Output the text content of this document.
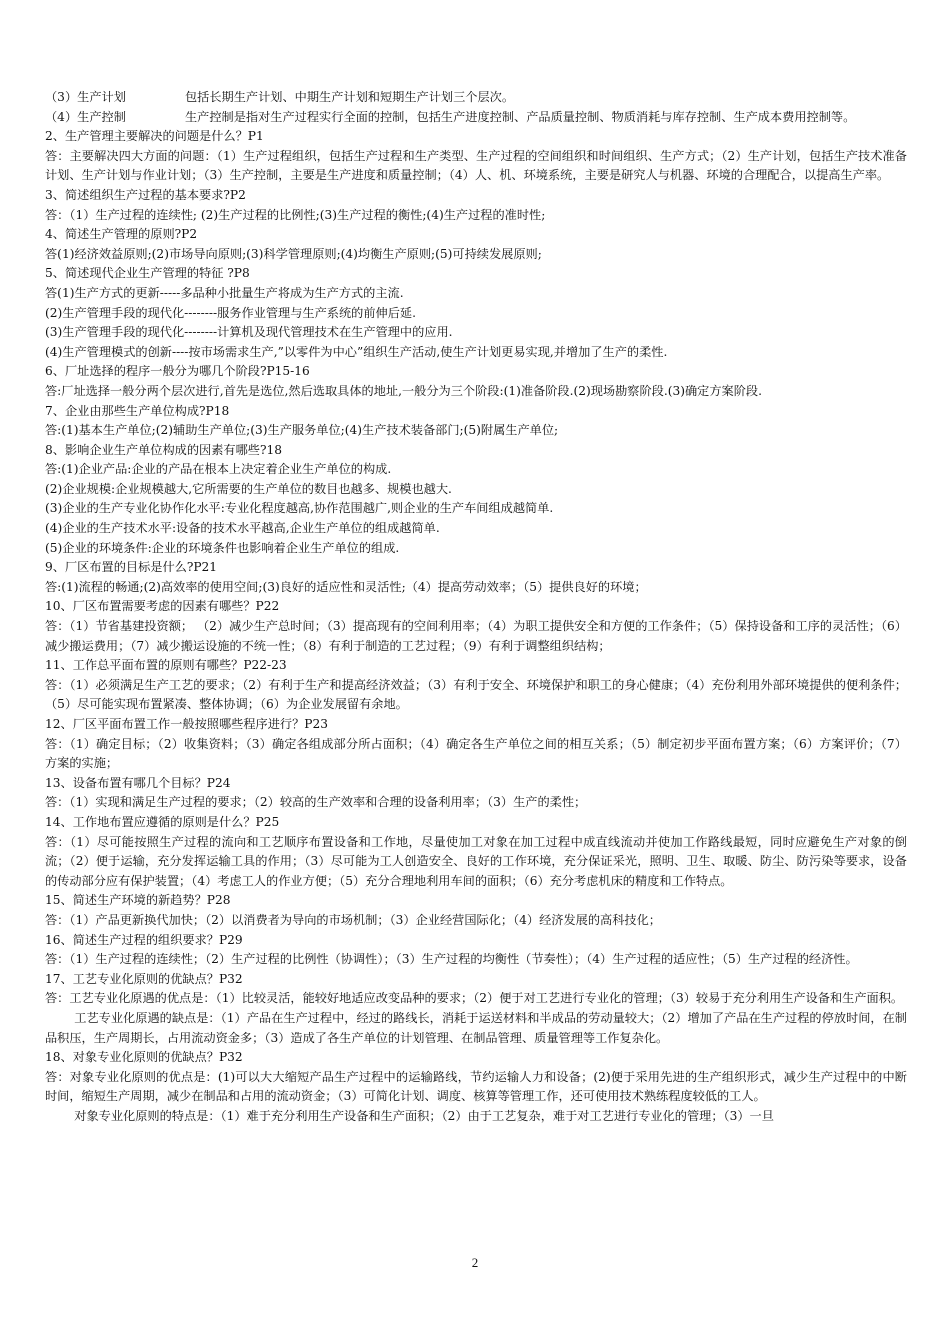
（3）生产计划	包括长期生产计划、中期生产计划和短期生产计划三个层次。
（4）生产控制	生产控制是指对生产过程实行全面的控制，包括生产进度控制、产品质量控制、物质消耗与库存控制、生产成本费用控制等。
2、生产管理主要解决的问题是什么？P1
答：主要解决四大方面的问题：（1）生产过程组织，包括生产过程和生产类型、生产过程的空间组织和时间组织、生产方式；（2）生产计划，包括生产技术准备计划、生产计划与作业计划；（3）生产控制，主要是生产进度和质量控制；（4）人、机、环境系统，主要是研究人与机器、环境的合理配合，以提高生产率。
3、简述组织生产过程的基本要求?P2
答：（1）生产过程的连续性; (2)生产过程的比例性;(3)生产过程的衡性;(4)生产过程的准时性;
4、简述生产管理的原则?P2
答(1)经济效益原则;(2)市场导向原则;(3)科学管理原则;(4)均衡生产原则;(5)可持续发展原则;
5、简述现代企业生产管理的特征 ?P8
答(1)生产方式的更新-----多品种小批量生产将成为生产方式的主流.
(2)生产管理手段的现代化--------服务作业管理与生产系统的前伸后延.
(3)生产管理手段的现代化--------计算机及现代管理技术在生产管理中的应用.
(4)生产管理模式的创新----按市场需求生产,”以零件为中心”组织生产活动,使生产计划更易实现,并增加了生产的柔性.
6、厂址选择的程序一般分为哪几个阶段?P15-16
答:厂址选择一般分两个层次进行,首先是选位,然后选取具体的地址,一般分为三个阶段:(1)准备阶段.(2)现场勘察阶段.(3)确定方案阶段.
7、企业由那些生产单位构成?P18
答:(1)基本生产单位;(2)辅助生产单位;(3)生产服务单位;(4)生产技术装备部门;(5)附属生产单位;
8、影响企业生产单位构成的因素有哪些?18
答:(1)企业产品:企业的产品在根本上决定着企业生产单位的构成.
(2)企业规模:企业规模越大,它所需要的生产单位的数目也越多、规模也越大.
(3)企业的生产专业化协作化水平:专业化程度越高,协作范围越广,则企业的生产车间组成越简单.
(4)企业的生产技术水平:设备的技术水平越高,企业生产单位的组成越简单.
(5)企业的环境条件:企业的环境条件也影响着企业生产单位的组成.
9、厂区布置的目标是什么?P21
答:(1)流程的畅通;(2)高效率的使用空间;(3)良好的适应性和灵活性;（4）提高劳动效率；（5）提供良好的环境；
10、厂区布置需要考虑的因素有哪些？P22
答：（1）节省基建投资额； （2）减少生产总时间；（3）提高现有的空间利用率；（4）为职工提供安全和方便的工作条件；（5）保持设备和工序的灵活性；（6）减少搬运费用；（7）减少搬运设施的不统一性；（8）有利于制造的工艺过程；（9）有利于调整组织结构；
11、工作总平面布置的原则有哪些？P22-23
答：（1）必须满足生产工艺的要求；（2）有利于生产和提高经济效益；（3）有利于安全、环境保护和职工的身心健康；（4）充份利用外部环境提供的便利条件；（5）尽可能实现布置紧凑、整体协调；（6）为企业发展留有余地。
12、厂区平面布置工作一般按照哪些程序进行？P23
答：（1）确定目标；（2）收集资料；（3）确定各组成部分所占面积；（4）确定各生产单位之间的相互关系；（5）制定初步平面布置方案；（6）方案评价；（7）方案的实施；
13、设备布置有哪几个目标？P24
答：（1）实现和满足生产过程的要求；（2）较高的生产效率和合理的设备利用率；（3）生产的柔性；
14、工作地布置应遵循的原则是什么？P25
答：（1）尽可能按照生产过程的流向和工艺顺序布置设备和工作地，尽量使加工对象在加工过程中成直线流动并使加工作路线最短，同时应避免生产对象的倒流；（2）便于运输，充分发挥运输工具的作用；（3）尽可能为工人创造安全、良好的工作环境，充分保证采光，照明、卫生、取暖、防尘、防污染等要求，设备的传动部分应有保护装置；（4）考虑工人的作业方便；（5）充分合理地利用车间的面积；（6）充分考虑机床的精度和工作特点。
15、简述生产环境的新趋势？P28
答：（1）产品更新换代加快；（2）以消费者为导向的市场机制；（3）企业经营国际化；（4）经济发展的高科技化；
16、简述生产过程的组织要求？P29
答：（1）生产过程的连续性；（2）生产过程的比例性（协调性）；（3）生产过程的均衡性（节奏性）；（4）生产过程的适应性；（5）生产过程的经济性。
17、工艺专业化原则的优缺点？P32
答：工艺专业化原遇的优点是：（1）比较灵活，能较好地适应改变品种的要求；（2）便于对工艺进行专业化的管理；（3）较易于充分利用生产设备和生产面积。
工艺专业化原遇的缺点是：（1）产品在生产过程中，经过的路线长，消耗于运送材料和半成品的劳动量较大；（2）增加了产品在生产过程的停放时间，在制品积压，生产周期长，占用流动资金多；（3）造成了各生产单位的计划管理、在制品管理、质量管理等工作复杂化。
18、对象专业化原则的优缺点？P32
答：对象专业化原则的优点是：(1)可以大大缩短产品生产过程中的运输路线，节约运输人力和设备；(2)便于采用先进的生产组织形式，减少生产过程中的中断时间，缩短生产周期，减少在制品和占用的流动资金；（3）可简化计划、调度、核算等管理工作，还可使用技术熟练程度较低的工人。
对象专业化原则的特点是：（1）难于充分利用生产设备和生产面积；（2）由于工艺复杂，难于对工艺进行专业化的管理；（3）一旦
2
